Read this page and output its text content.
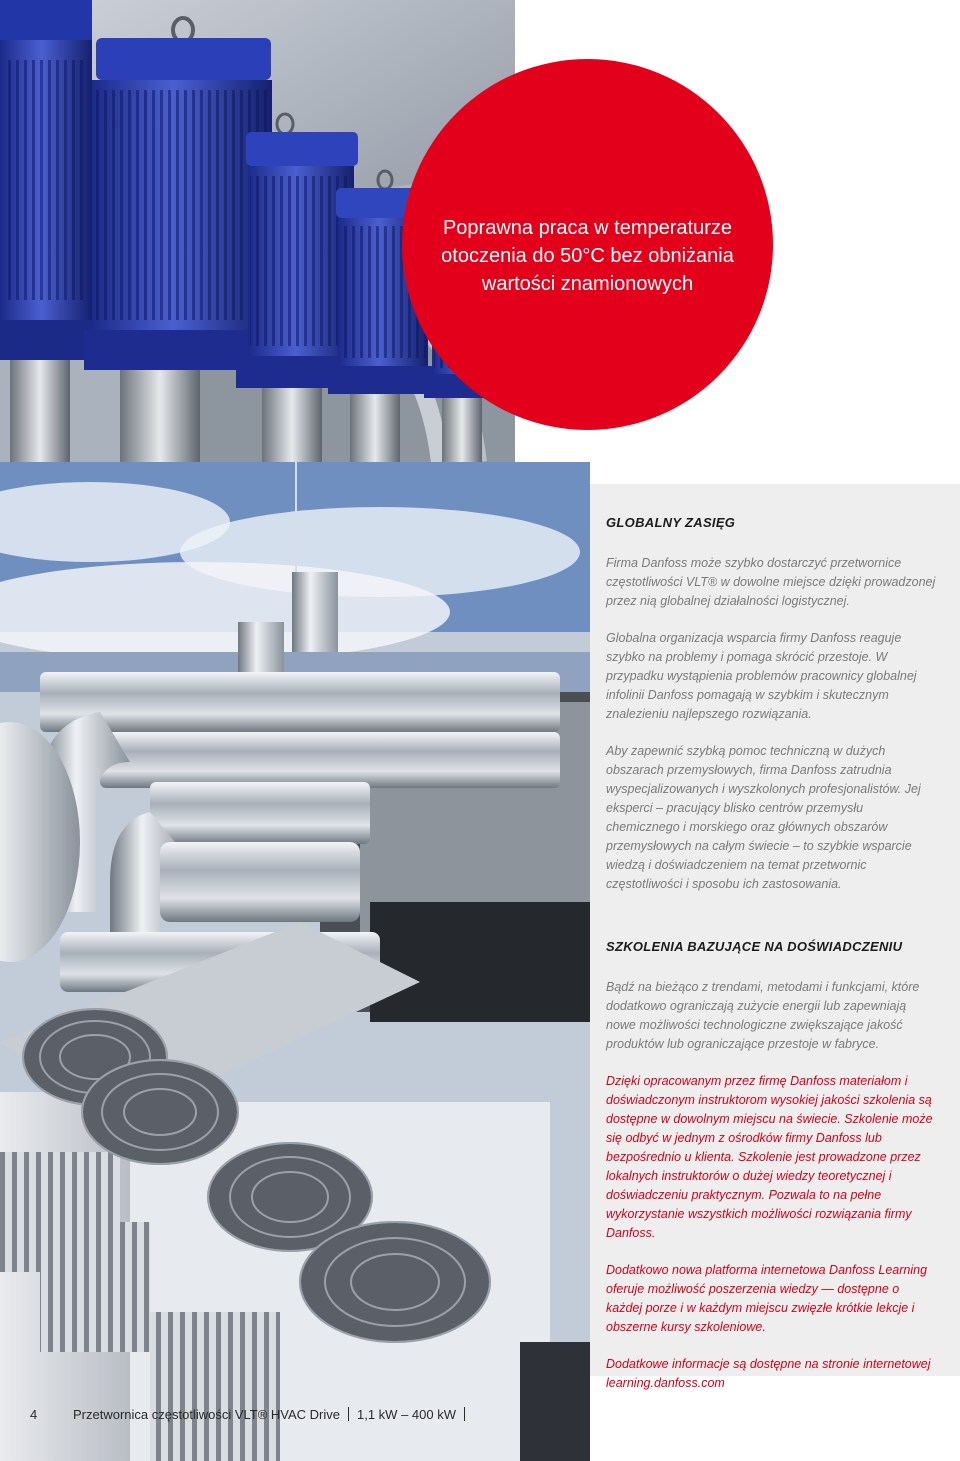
Poprawna praca w temperaturze otoczenia do 50°C bez obniżania wartości znamionowych

GLOBALNY ZASIĘG

Firma Danfoss może szybko dostarczyć przetwornice częstotliwości VLT® w dowolne miejsce dzięki prowadzonej przez nią globalnej działalności logistycznej.

Globalna organizacja wsparcia firmy Danfoss reaguje szybko na problemy i pomaga skrócić przestoje. W przypadku wystąpienia problemów pracownicy globalnej infolinii Danfoss pomagają w szybkim i skutecznym znalezieniu najlepszego rozwiązania.

Aby zapewnić szybką pomoc techniczną w dużych obszarach przemysłowych, firma Danfoss zatrudnia wyspecjalizowanych i wyszkolonych profesjonalistów. Jej eksperci – pracujący blisko centrów przemysłu chemicznego i morskiego oraz głównych obszarów przemysłowych na całym świecie – to szybkie wsparcie wiedzą i doświadczeniem na temat przetwornic częstotliwości i sposobu ich zastosowania.

SZKOLENIA BAZUJĄCE NA DOŚWIADCZENIU

Bądź na bieżąco z trendami, metodami i funkcjami, które dodatkowo ograniczają zużycie energii lub zapewniają nowe możliwości technologiczne zwiększające jakość produktów lub ograniczające przestoje w fabryce.

Dzięki opracowanym przez firmę Danfoss materiałom i doświadczonym instruktorom wysokiej jakości szkolenia są dostępne w dowolnym miejscu na świecie. Szkolenie może się odbyć w jednym z ośrodków firmy Danfoss lub bezpośrednio u klienta. Szkolenie jest prowadzone przez lokalnych instruktorów o dużej wiedzy teoretycznej i doświadczeniu praktycznym. Pozwala to na pełne wykorzystanie wszystkich możliwości rozwiązania firmy Danfoss.

Dodatkowo nowa platforma internetowa Danfoss Learning oferuje możliwość poszerzenia wiedzy — dostępne o każdej porze i w każdym miejscu zwięzłe krótkie lekcje i obszerne kursy szkoleniowe.

Dodatkowe informacje są dostępne na stronie internetowej learning.danfoss.com

4	Przetwornica częstotliwości VLT® HVAC Drive 1,1 kW – 400 kW
